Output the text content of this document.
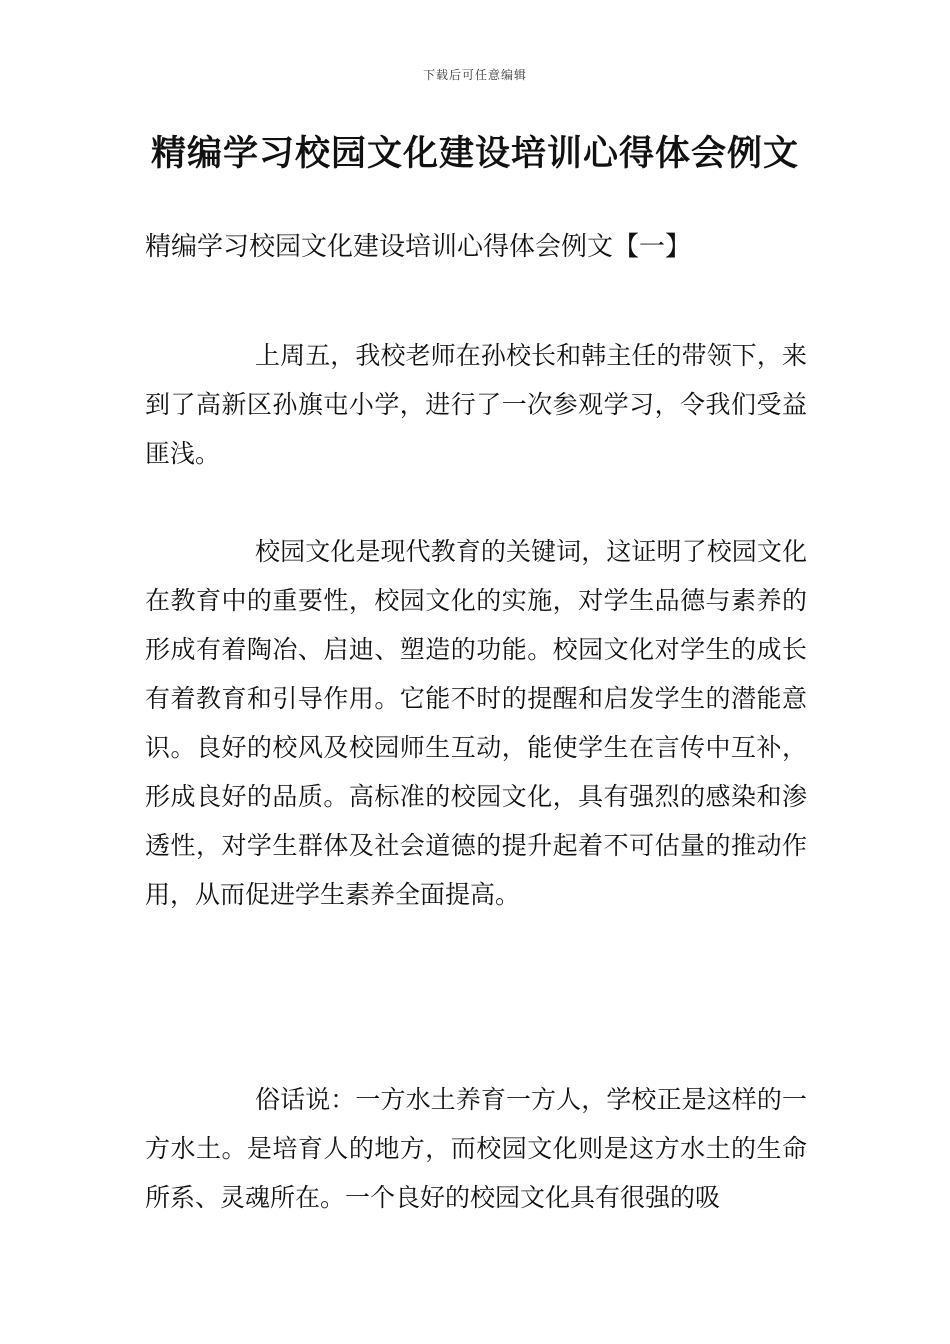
下载后可任意编辑
精编学习校园文化建设培训心得体会例文
精编学习校园文化建设培训心得体会例文【一】

上周五，我校老师在孙校长和韩主任的带领下，来到了高新区孙旗屯小学，进行了一次参观学习，令我们受益匪浅。

校园文化是现代教育的关键词，这证明了校园文化在教育中的重要性，校园文化的实施，对学生品德与素养的形成有着陶冶、启迪、塑造的功能。校园文化对学生的成长有着教育和引导作用。它能不时的提醒和启发学生的潜能意识。良好的校风及校园师生互动，能使学生在言传中互补，形成良好的品质。高标准的校园文化，具有强烈的感染和渗透性，对学生群体及社会道德的提升起着不可估量的推动作用，从而促进学生素养全面提高。

俗话说：一方水土养育一方人，学校正是这样的一方水土。是培育人的地方，而校园文化则是这方水土的生命所系、灵魂所在。一个良好的校园文化具有很强的吸
